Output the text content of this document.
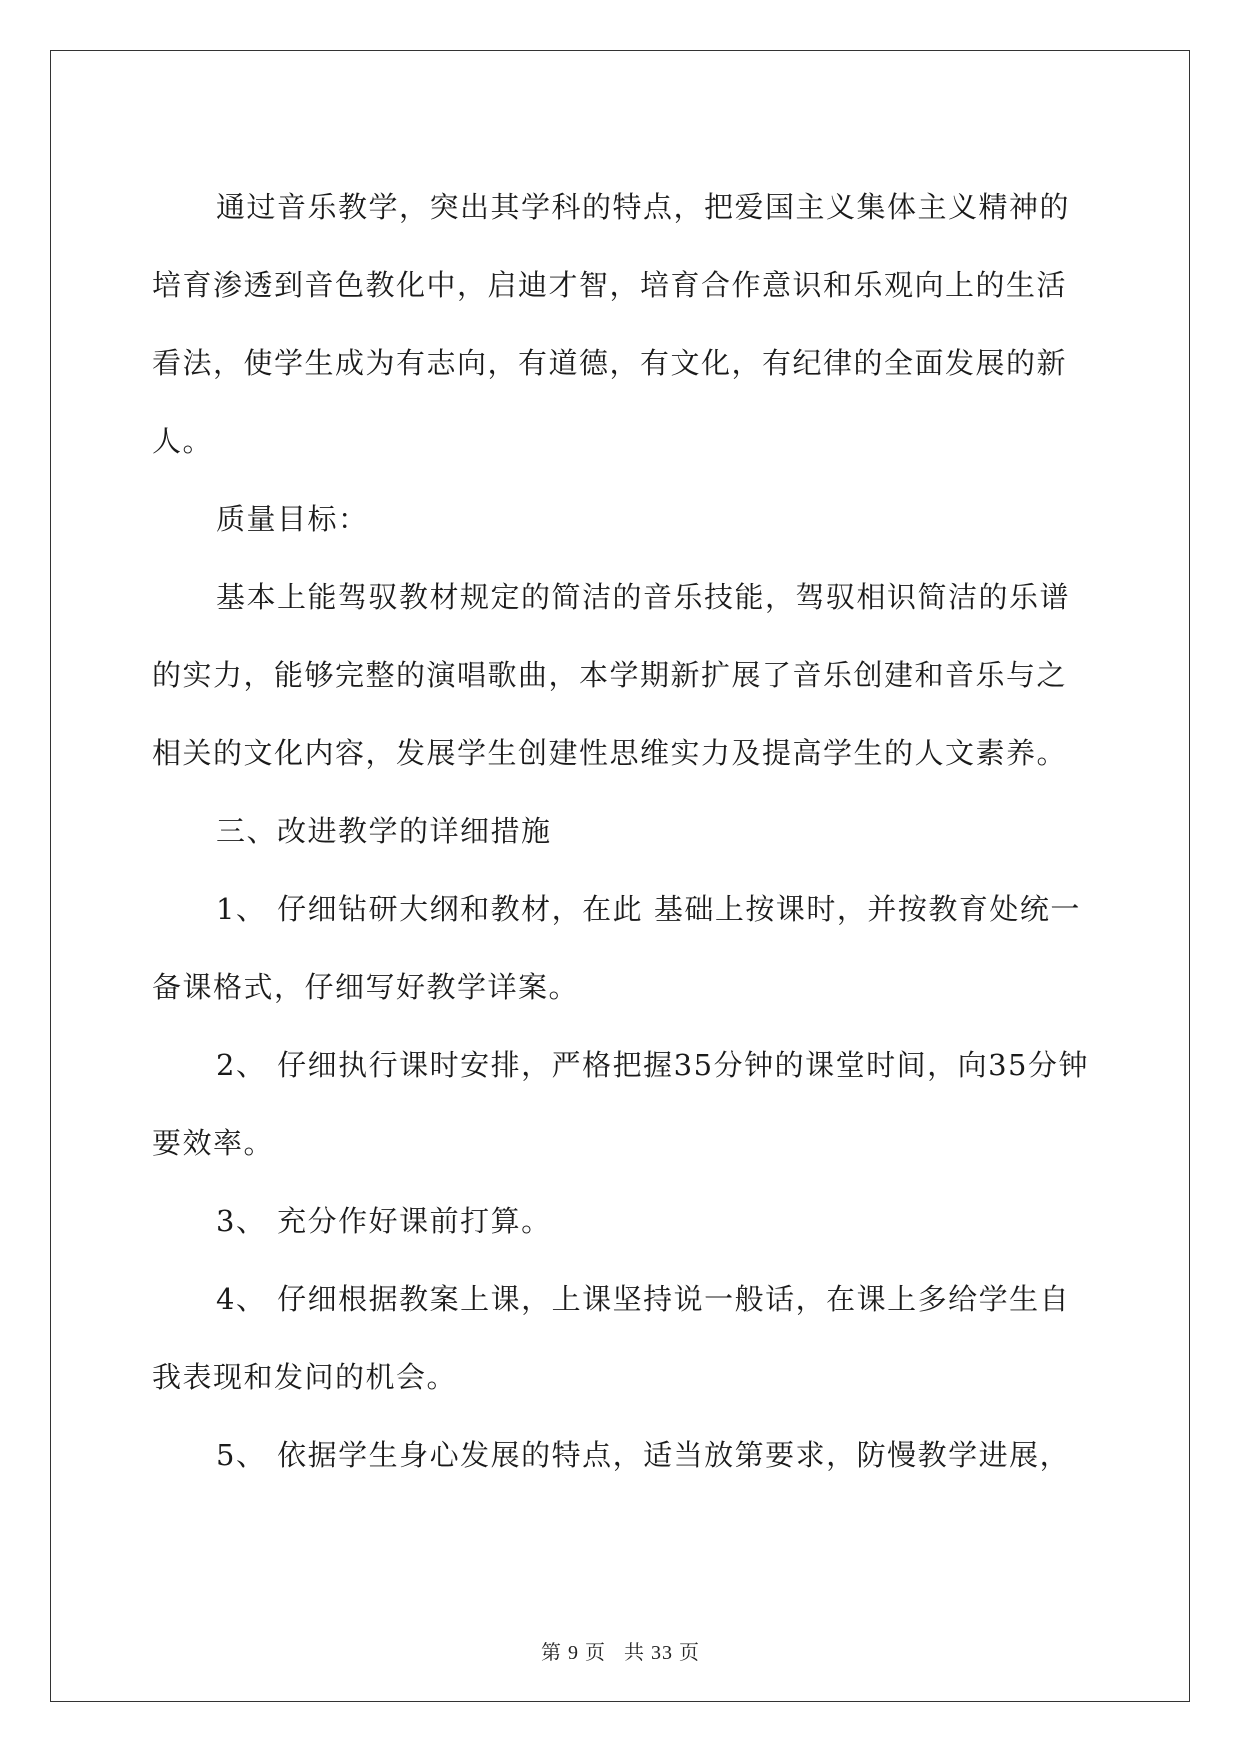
通过音乐教学，突出其学科的特点，把爱国主义集体主义精神的培育渗透到音色教化中，启迪才智，培育合作意识和乐观向上的生活看法，使学生成为有志向，有道德，有文化，有纪律的全面发展的新人。

质量目标：

基本上能驾驭教材规定的简洁的音乐技能，驾驭相识简洁的乐谱的实力，能够完整的演唱歌曲，本学期新扩展了音乐创建和音乐与之相关的文化内容，发展学生创建性思维实力及提高学生的人文素养。

三、改进教学的详细措施

1、 仔细钻研大纲和教材，在此 基础上按课时，并按教育处统一备课格式，仔细写好教学详案。

2、 仔细执行课时安排，严格把握35分钟的课堂时间，向35分钟要效率。

3、 充分作好课前打算。

4、 仔细根据教案上课，上课坚持说一般话，在课上多给学生自我表现和发问的机会。

5、 依据学生身心发展的特点，适当放第要求，防慢教学进展，

第 9 页 共 33 页
